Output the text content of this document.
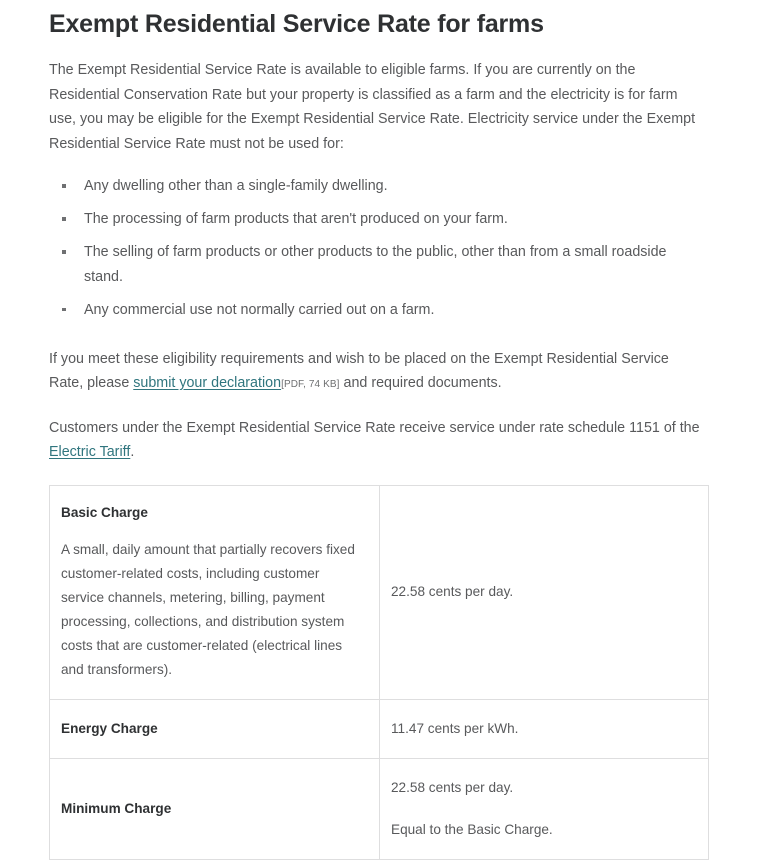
Exempt Residential Service Rate for farms

The Exempt Residential Service Rate is available to eligible farms. If you are currently on the Residential Conservation Rate but your property is classified as a farm and the electricity is for farm use, you may be eligible for the Exempt Residential Service Rate. Electricity service under the Exempt Residential Service Rate must not be used for:

Any dwelling other than a single-family dwelling.
The processing of farm products that aren't produced on your farm.
The selling of farm products or other products to the public, other than from a small roadside stand.
Any commercial use not normally carried out on a farm.

If you meet these eligibility requirements and wish to be placed on the Exempt Residential Service Rate, please submit your declaration[PDF, 74 KB] and required documents.

Customers under the Exempt Residential Service Rate receive service under rate schedule 1151 of the Electric Tariff.

Basic Charge

A small, daily amount that partially recovers fixed customer-related costs, including customer service channels, metering, billing, payment processing, collections, and distribution system costs that are customer-related (electrical lines and transformers).	22.58 cents per day.

Energy Charge	11.47 cents per kWh.

Minimum Charge	22.58 cents per day.

Equal to the Basic Charge.
